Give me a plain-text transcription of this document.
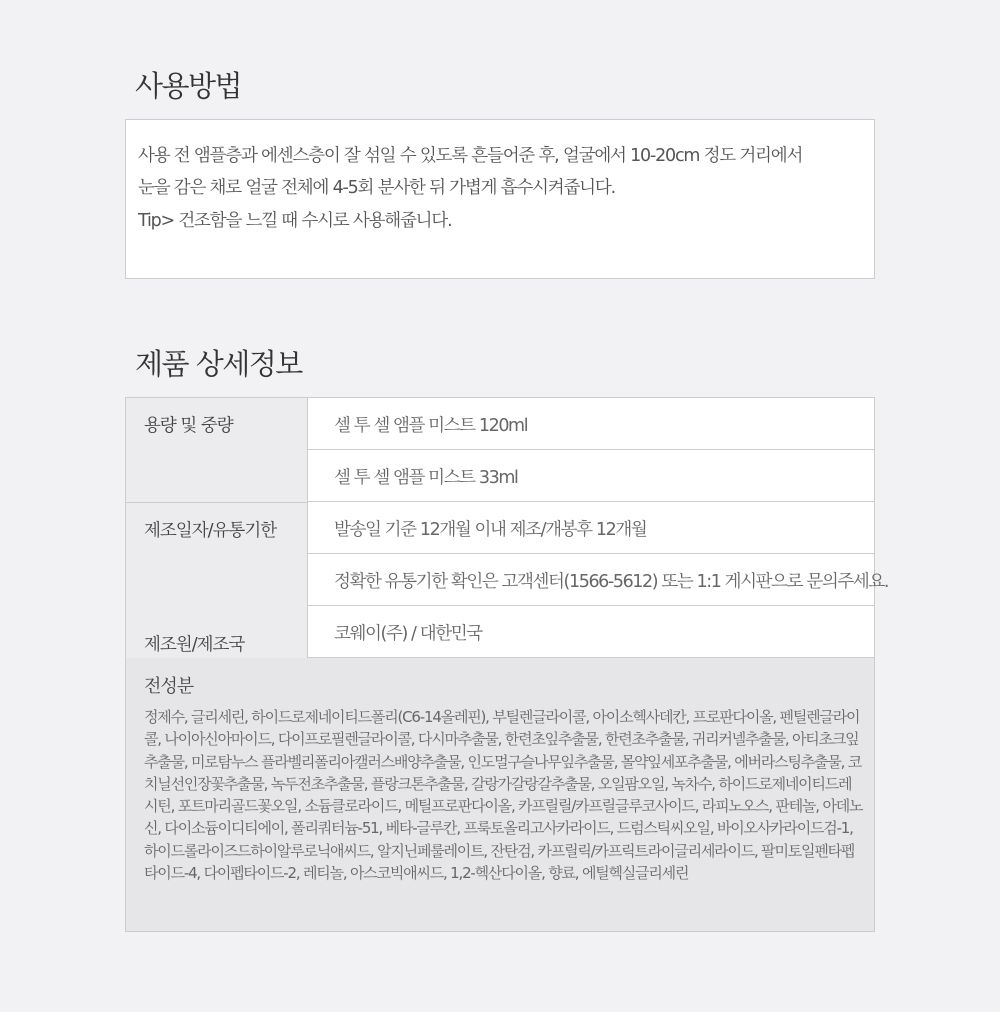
사용방법

사용 전 앰플층과 에센스층이 잘 섞일 수 있도록 흔들어준 후, 얼굴에서 10-20cm 정도 거리에서

눈을 감은 채로 얼굴 전체에 4-5회 분사한 뒤 가볍게 흡수시켜줍니다.

Tip> 건조함을 느낄 때 수시로 사용해줍니다.

제품 상세정보
용량 및 중량
제조일자/유통기한
제조원/제조국
셀 투 셀 앰플 미스트 120ml
셀 투 셀 앰플 미스트 33ml
발송일 기준 12개월 이내 제조/개봉후 12개월
정확한 유통기한 확인은 고객센터(1566-5612) 또는 1:1 게시판으로 문의주세요.
코웨이(주) / 대한민국
전성분

정제수, 글리세린, 하이드로제네이티드폴리(C6-14올레핀), 부틸렌글라이콜, 아이소헥사데칸, 프로판다이올, 펜틸렌글라이콜, 나이아신아마이드, 다이프로필렌글라이콜, 다시마추출물, 한련초잎추출물, 한련초추출물, 귀리커넬추출물, 아티초크잎추출물, 미로탐누스 플라벨리폴리아캘러스배양추출물, 인도멀구슬나무잎추출물, 몰약잎세포추출물, 에버라스팅추출물, 코치닐선인장꽃추출물, 녹두전초추출물, 플랑크톤추출물, 갈랑가갈랑갈추출물, 오일팜오일, 녹차수, 하이드로제네이티드레시틴, 포트마리골드꽃오일, 소듐클로라이드, 메틸프로판다이올, 카프릴릴/카프릴글루코사이드, 라피노오스, 판테놀, 아데노신, 다이소듐이디티에이, 폴리쿼터늄-51, 베타-글루칸, 프룩토올리고사카라이드, 드럼스틱씨오일, 바이오사카라이드검-1, 하이드롤라이즈드하이알루로닉애씨드, 알지닌페룰레이트, 잔탄검, 카프릴릭/카프릭트라이글리세라이드, 팔미토일펜타펩타이드-4, 다이펩타이드-2, 레티놀, 아스코빅애씨드, 1,2-헥산다이올, 향료, 에틸헥실글리세린
